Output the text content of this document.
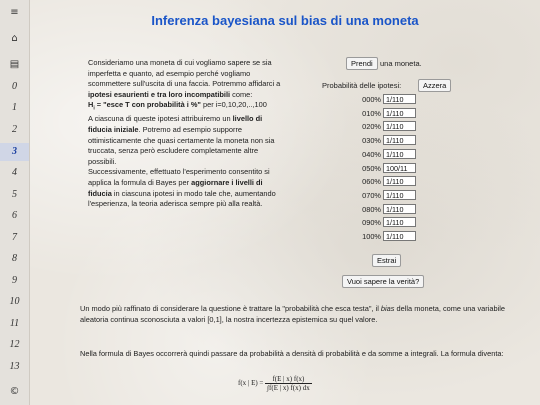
≡
⌂
▤
0
1
2
3
4
5
6
7
8
9
10
11
12
13
©
Inferenza bayesiana sul bias di una moneta

Consideriamo una moneta di cui vogliamo sapere se sia imperfetta e quanto, ad esempio perché vogliamo scommettere sull'uscita di una faccia. Potremmo affidarci a ipotesi esaurienti e tra loro incompatibili come:
$H_i$ = "esce T con probabilità i %" per i=0,10,20,..,100
A ciascuna di queste ipotesi attribuiremo un livello di fiducia iniziale. Potremo ad esempio supporre ottimisticamente che quasi certamente la moneta non sia truccata, senza però escludere completamente altre possibili.
Successivamente, effettuato l'esperimento consentito si applica la formula di Bayes per aggiornare i livelli di fiducia in ciascuna ipotesi in modo tale che, aumentando l'esperienza, la teoria aderisca sempre più alla realtà.

Prendi una moneta.
Probabilità delle ipotesi:	Azzera
000% 1/110
010% 1/110
020% 1/110
030% 1/110
040% 1/110
050% 100/11
060% 1/110
070% 1/110
080% 1/110
090% 1/110
100% 1/110
Estrai
Vuoi sapere la verità?
Un modo più raffinato di considerare la questione è trattare la "probabilità che esca testa", il bias della moneta, come una variabile aleatoria continua sconosciuta a valori [0,1], la nostra incertezza epistemica su quel valore.
Nella formula di Bayes occorrerà quindi passare da probabilità a densità di probabilità e da somme a integrali. La formula diventa:
f(x | $E) = \frac{f(E | x) f(x)}{\int f(E | x) f(x) dx}$
